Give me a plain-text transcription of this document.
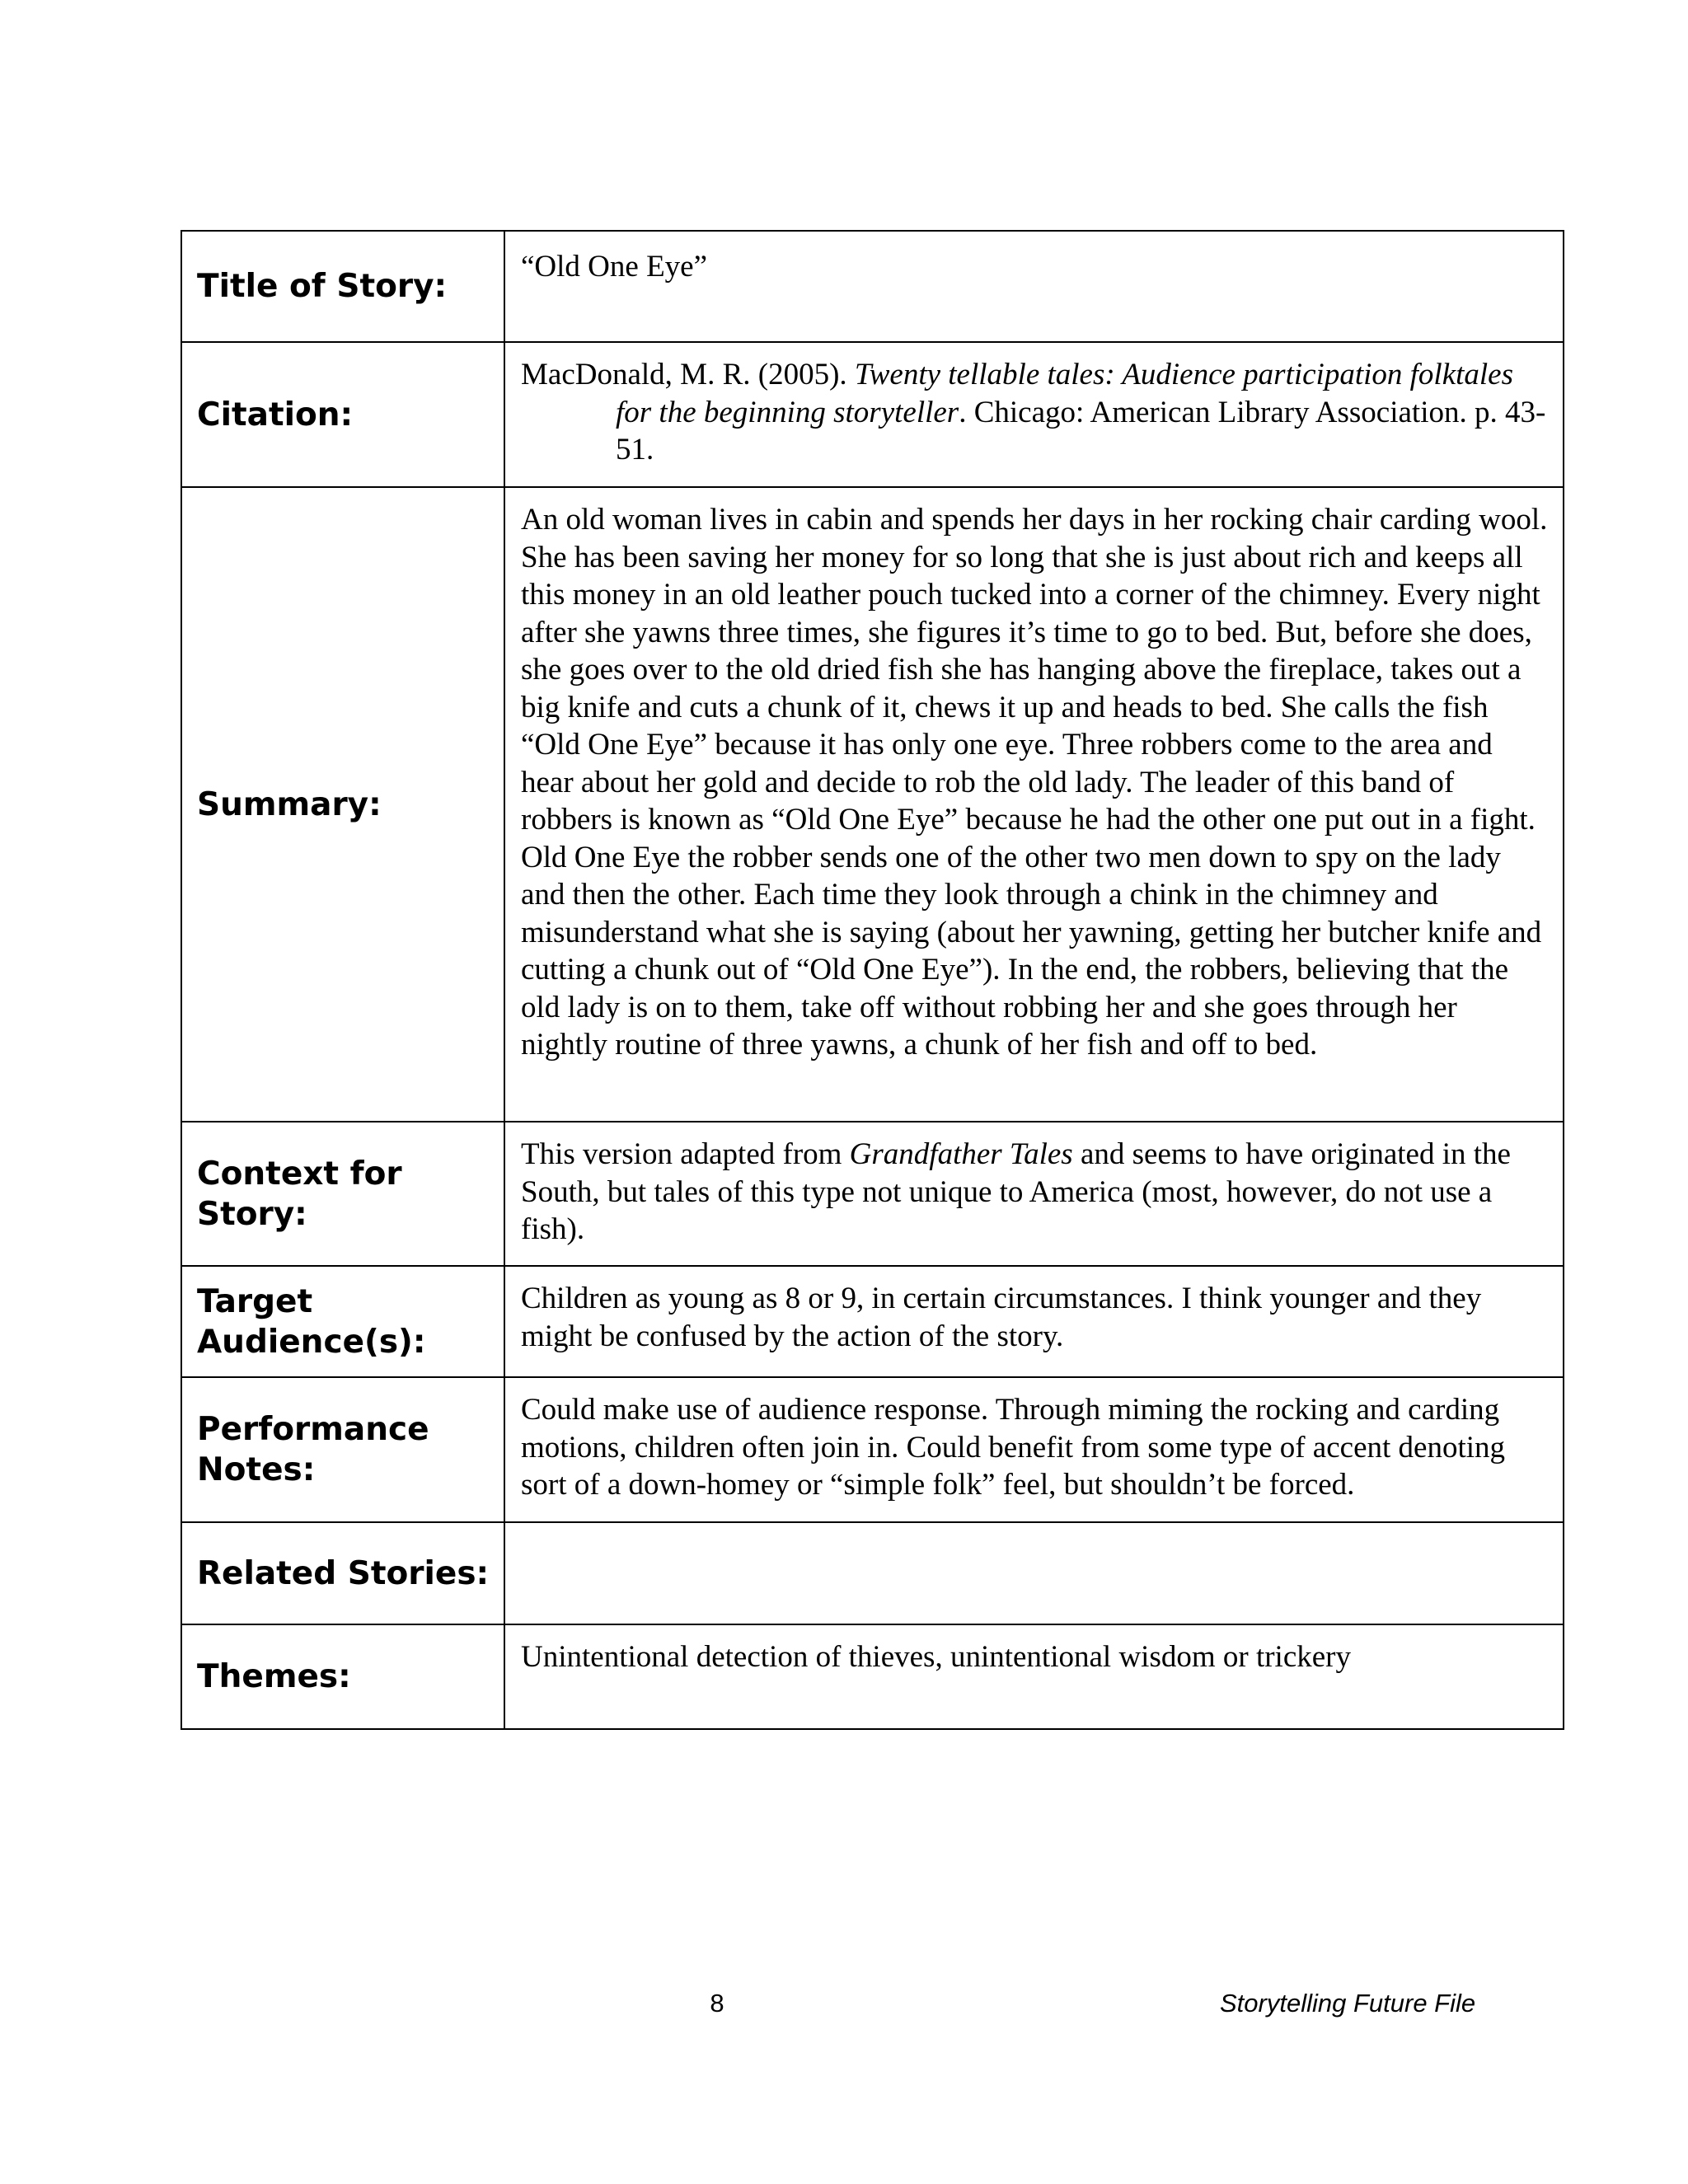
Title of Story:	“Old One Eye”
Citation:	MacDonald, M. R. (2005). Twenty tellable tales: Audience participation folktales for the beginning storyteller. Chicago: American Library Association. p. 43-51.

Summary:	An old woman lives in cabin and spends her days in her rocking chair carding wool. She has been saving her money for so long that she is just about rich and keeps all this money in an old leather pouch tucked into a corner of the chimney. Every night after she yawns three times, she figures it’s time to go to bed. But, before she does, she goes over to the old dried fish she has hanging above the fireplace, takes out a big knife and cuts a chunk of it, chews it up and heads to bed. She calls the fish “Old One Eye” because it has only one eye. Three robbers come to the area and hear about her gold and decide to rob the old lady. The leader of this band of robbers is known as “Old One Eye” because he had the other one put out in a fight. Old One Eye the robber sends one of the other two men down to spy on the lady and then the other. Each time they look through a chink in the chimney and misunderstand what she is saying (about her yawning, getting her butcher knife and cutting a chunk out of “Old One Eye”). In the end, the robbers, believing that the old lady is on to them, take off without robbing her and she goes through her nightly routine of three yawns, a chunk of her fish and off to bed.

Context for Story:	This version adapted from Grandfather Tales and seems to have originated in the South, but tales of this type not unique to America (most, however, do not use a fish).

Target Audience(s):	Children as young as 8 or 9, in certain circumstances. I think younger and they might be confused by the action of the story.
Performance Notes:	Could make use of audience response. Through miming the rocking and carding motions, children often join in. Could benefit from some type of accent denoting sort of a down-homey or “simple folk” feel, but shouldn’t be forced.
Related Stories:	
Themes:	Unintentional detection of thieves, unintentional wisdom or trickery
8	Storytelling Future File
